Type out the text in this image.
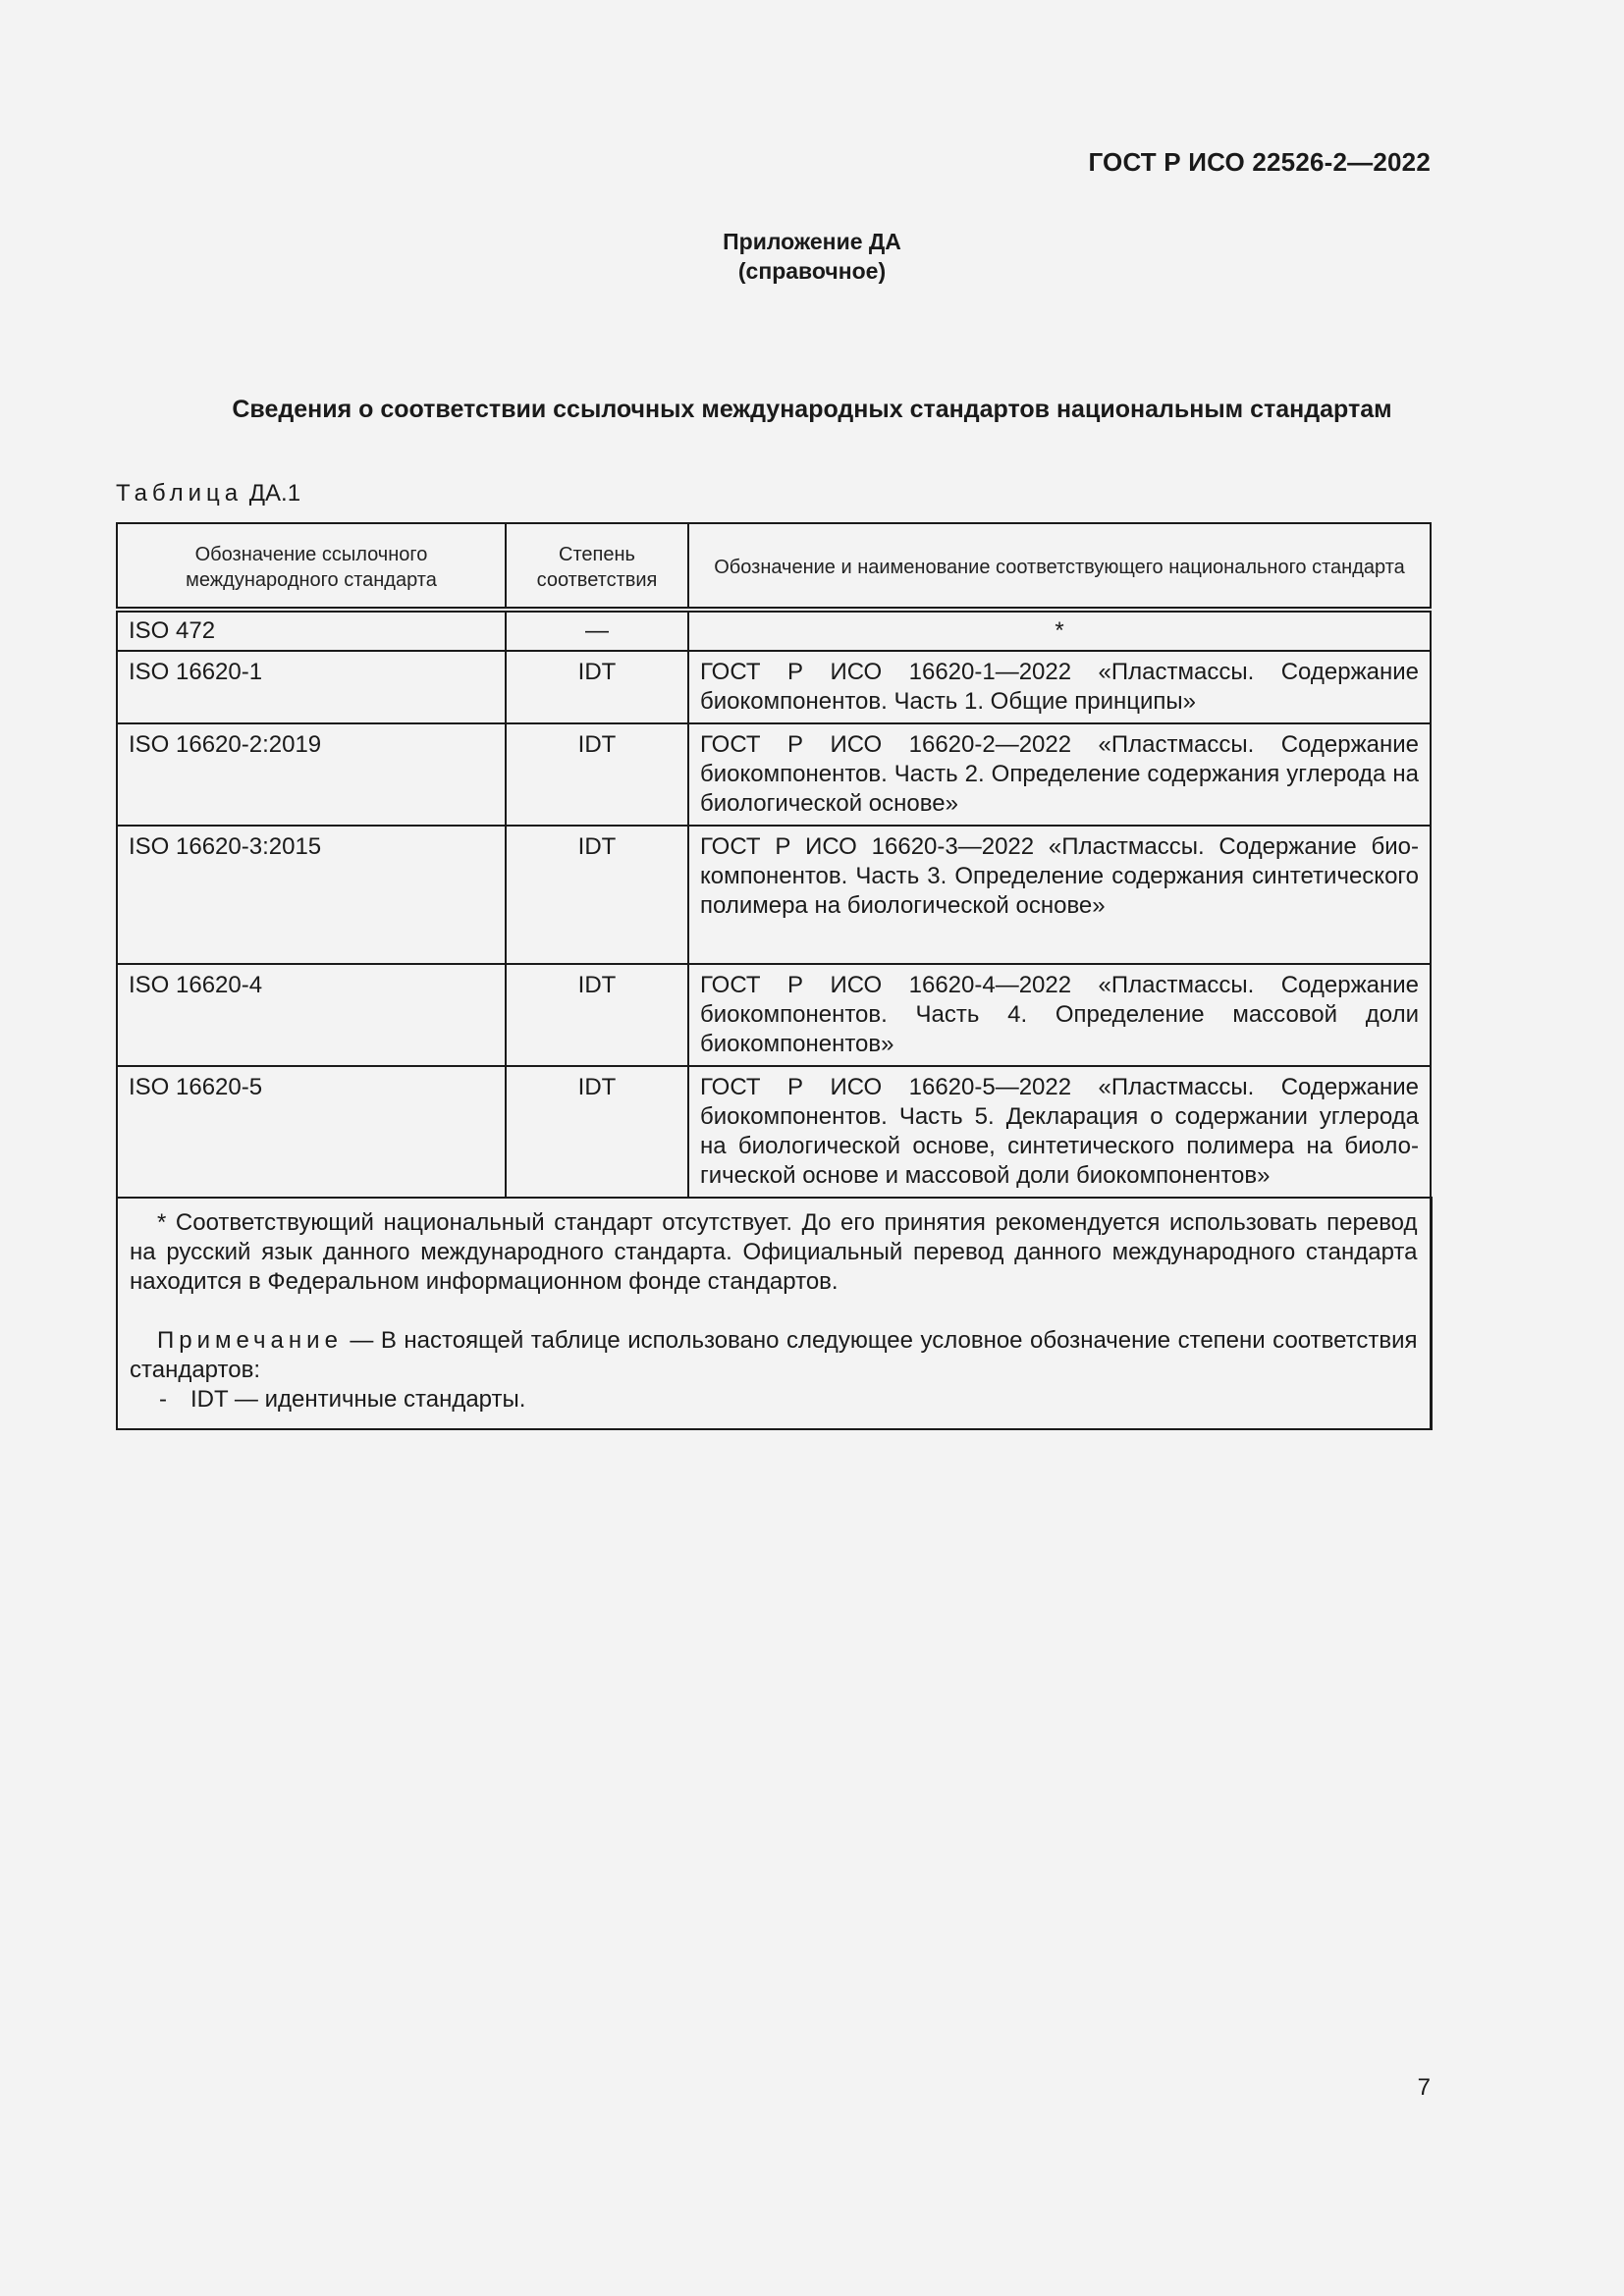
ГОСТ Р ИСО 22526-2—2022
Приложение ДА
(справочное)
Сведения о соответствии ссылочных международных стандартов национальным стандартам
Таблица ДА.1
Обозначение ссылочного международного стандарта	Степень соответствия	Обозначение и наименование соответствующего национального стандарта
ISO 472	—	*
ISO 16620-1	IDT	ГОСТ Р ИСО 16620-1—2022 «Пластмассы. Содержание биокомпонентов. Часть 1. Общие принципы»
ISO 16620-2:2019	IDT	ГОСТ Р ИСО 16620-2—2022 «Пластмассы. Содержание биокомпонентов. Часть 2. Определение содержания углерода на биологической основе»
ISO 16620-3:2015	IDT	ГОСТ Р ИСО 16620-3—2022 «Пластмассы. Содержание биокомпонентов. Часть 3. Определение содержания синтетического полимера на биологической основе»
ISO 16620-4	IDT	ГОСТ Р ИСО 16620-4—2022 «Пластмассы. Содержание биокомпонентов. Часть 4. Определение массовой доли биокомпонентов»
ISO 16620-5	IDT	ГОСТ Р ИСО 16620-5—2022 «Пластмассы. Содержание биокомпонентов. Часть 5. Декларация о содержании углерода на биологической основе, синтетического полимера на биологической основе и массовой доли биокомпонентов»

* Соответствующий национальный стандарт отсутствует. До его принятия рекомендуется использовать перевод на русский язык данного международного стандарта. Официальный перевод данного международного стандарта находится в Федеральном информационном фонде стандартов.

Примечание — В настоящей таблице использовано следующее условное обозначение степени соответствия стандартов:

- IDT — идентичные стандарты.		

7
